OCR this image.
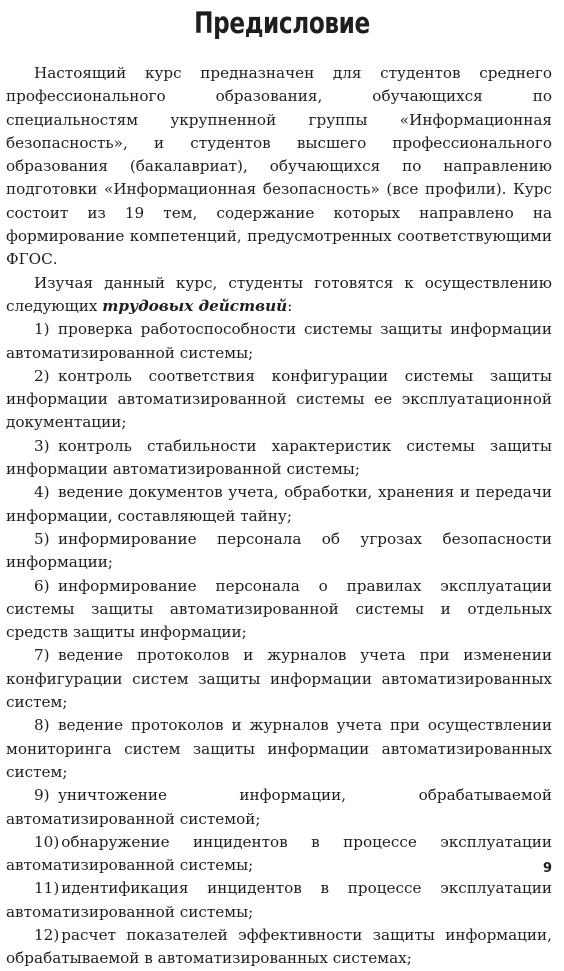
Предисловие

Настоящий курс предназначен для студентов среднего профессионального образования, обучающихся по специальностям укрупненной группы «Информационная безопасность», и студентов высшего профессионального образования (бакалавриат), обучающихся по направлению подготовки «Информационная безопасность» (все профили). Курс состоит из 19 тем, содержание которых направлено на формирование компетенций, предусмотренных соответствующими ФГОС.

Изучая данный курс, студенты готовятся к осуществлению следующих трудовых действий:

1) проверка работоспособности системы защиты информации автоматизированной системы;

2) контроль соответствия конфигурации системы защиты информации автоматизированной системы ее эксплуатационной документации;

3) контроль стабильности характеристик системы защиты информации автоматизированной системы;

4) ведение документов учета, обработки, хранения и передачи информации, составляющей тайну;

5) информирование персонала об угрозах безопасности информации;

6) информирование персонала о правилах эксплуатации системы защиты автоматизированной системы и отдельных средств защиты информации;

7) ведение протоколов и журналов учета при изменении конфигурации систем защиты информации автоматизированных систем;

8) ведение протоколов и журналов учета при осуществлении мониторинга систем защиты информации автоматизированных систем;

9) уничтожение информации, обрабатываемой автоматизированной системой;

10) обнаружение инцидентов в процессе эксплуатации автоматизированной системы;

11) идентификация инцидентов в процессе эксплуатации автоматизированной системы;

12) расчет показателей эффективности защиты информации, обрабатываемой в автоматизированных системах;

9
